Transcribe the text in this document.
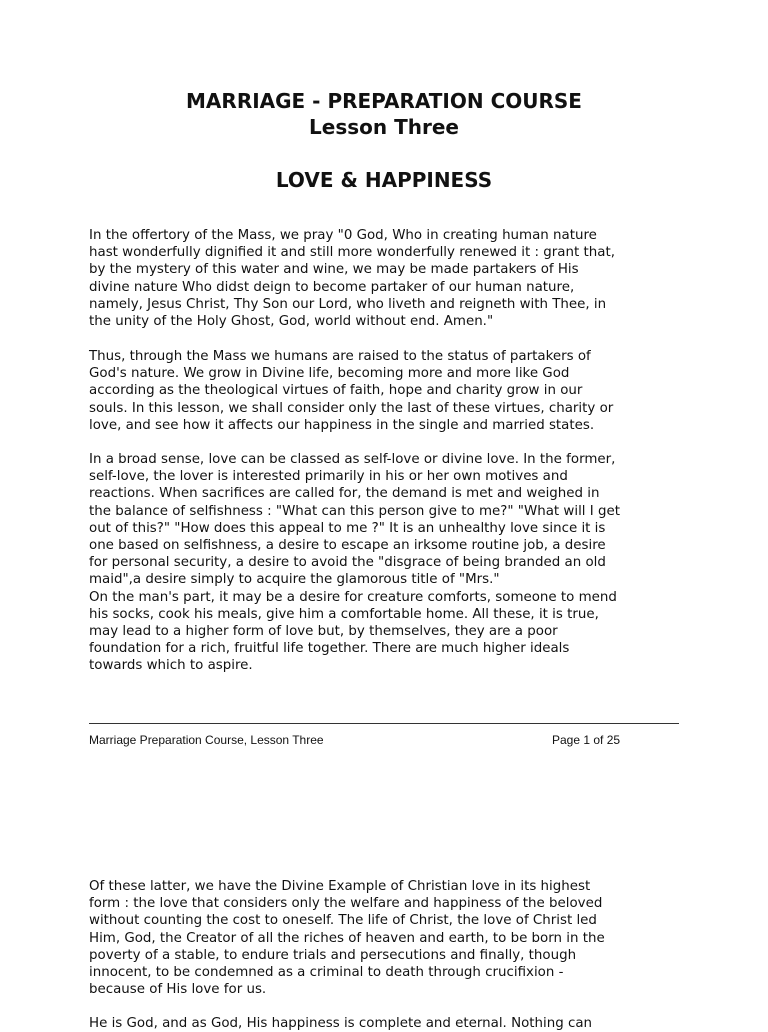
MARRIAGE - PREPARATION COURSE
Lesson Three
LOVE & HAPPINESS

In the offertory of the Mass, we pray "0 God, Who in creating human nature
hast wonderfully dignified it and still more wonderfully renewed it : grant that,
by the mystery of this water and wine, we may be made partakers of His
divine nature Who didst deign to become partaker of our human nature,
namely, Jesus Christ, Thy Son our Lord, who liveth and reigneth with Thee, in
the unity of the Holy Ghost, God, world without end. Amen."

Thus, through the Mass we humans are raised to the status of partakers of
God's nature. We grow in Divine life, becoming more and more like God
according as the theological virtues of faith, hope and charity grow in our
souls. In this lesson, we shall consider only the last of these virtues, charity or
love, and see how it affects our happiness in the single and married states.

In a broad sense, love can be classed as self-love or divine love. In the former,
self-love, the lover is interested primarily in his or her own motives and
reactions. When sacrifices are called for, the demand is met and weighed in
the balance of selfishness : "What can this person give to me?" "What will I get
out of this?" "How does this appeal to me ?" It is an unhealthy love since it is
one based on selfishness, a desire to escape an irksome routine job, a desire
for personal security, a desire to avoid the "disgrace of being branded an old
maid",a desire simply to acquire the glamorous title of "Mrs."
On the man's part, it may be a desire for creature comforts, someone to mend
his socks, cook his meals, give him a comfortable home. All these, it is true,
may lead to a higher form of love but, by themselves, they are a poor
foundation for a rich, fruitful life together. There are much higher ideals
towards which to aspire.

Marriage Preparation Course, Lesson Three	Page 1 of 25

Of these latter, we have the Divine Example of Christian love in its highest
form : the love that considers only the welfare and happiness of the beloved
without counting the cost to oneself. The life of Christ, the love of Christ led
Him, God, the Creator of all the riches of heaven and earth, to be born in the
poverty of a stable, to endure trials and persecutions and finally, though
innocent, to be condemned as a criminal to death through crucifixion -
because of His love for us.

He is God, and as God, His happiness is complete and eternal. Nothing can
